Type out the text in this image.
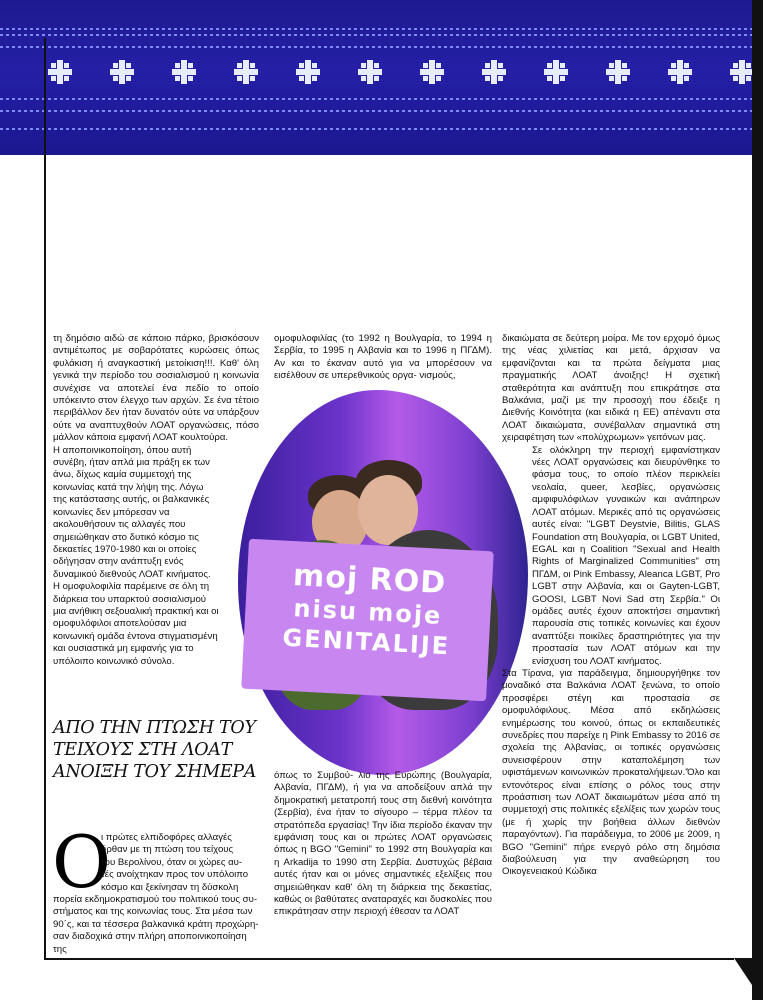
τη δημόσιο αιδώ σε κάποιο πάρκο, βρισκόσουν αντιμέτωπος με σοβαρότατες κυρώσεις όπως φυλάκιση ή αναγκαστική μετοίκιση!!!. Καθ' όλη γενικά την περίοδο του σοσιαλισμού η κοινωνία συνέχισε να αποτελεί ένα πεδίο το οποίο υπόκειντο στον έλεγχο των αρχών. Σε ένα τέτοιο περιβάλλον δεν ήταν δυνατόν ούτε να υπάρξουν ούτε να αναπτυχθούν ΛΟΑΤ οργανώσεις, πόσο μάλλον κάποια εμφανή ΛΟΑΤ κουλτούρα.

Η αποποινικοποίηση, όπου αυτή συνέβη, ήταν απλά μια πράξη εκ των άνω, δίχως καμία συμμετοχή της κοινωνίας κατά την λήψη της. Λόγω της κατάστασης αυτής, οι βαλκανικές κοινωνίες δεν μπόρεσαν να ακολουθήσουν τις αλλαγές που σημειώθηκαν στο δυτικό κόσμο τις δεκαετίες 1970-1980 και οι οποίες οδήγησαν στην ανάπτυξη ενός δυναμικού διεθνούς ΛΟΑΤ κινήματος. Η ομοφυλοφιλία παρέμεινε σε όλη τη διάρκεια του υπαρκτού σοσιαλισμού μια ανήθικη σεξουαλική πρακτική και οι ομοφυλόφιλοι αποτελούσαν μια κοινωνική ομάδα έντονα στιγματισμένη και ουσιαστικά μη εμφανής για το υπόλοιπο κοινωνικό σύνολο.

ΑΠΟ ΤΗΝ ΠΤΩΣΗ ΤΟΥ ΤΕΙΧΟΥΣ ΣΤΗ ΛΟΑΤ ΑΝΟΙΞΗ ΤΟΥ ΣΗΜΕΡΑ
Ο
ι πρώτες ελπιδοφόρες αλλαγές
ήρθαν με τη πτώση του τείχους
του Βερολίνου, όταν οι χώρες αυ-
τές ανοίχτηκαν προς τον υπόλοιπο
κόσμο και ξεκίνησαν τη δύσκολη
πορεία εκδημοκρατισμού του πολιτικού τους συ-
στήματος και της κοινωνίας τους. Στα μέσα των
90΄ς, και τα τέσσερα βαλκανικά κράτη προχώρη-
σαν διαδοχικά στην πλήρη αποποινικοποίηση της

ομοφυλοφιλίας (το 1992 η Βουλγαρία, το 1994 η Σερβία, το 1995 η Αλβανία και το 1996 η ΠΓΔΜ). Αν και το έκαναν αυτό για να μπορέσουν να εισέλθουν σε υπερεθνικούς οργα- νισμούς,

moj ROD
nisu moje
GENITALIJE

όπως το Συμβού- λιο της Ευρώπης (Βουλγαρία, Αλβανία, ΠΓΔΜ), ή για να αποδείξουν απλά την δημοκρατική μετατροπή τους στη διεθνή κοινότητα (Σερβία), ένα ήταν το σίγουρο – τέρμα πλέον τα στρατόπεδα εργασίας! Την ίδια περίοδο έκαναν την εμφάνιση τους και οι πρώτες ΛΟΑΤ οργανώσεις όπως η BGO "Gemini" το 1992 στη Βουλγαρία και η Arkadija το 1990 στη Σερβία. Δυστυχώς βέβαια αυτές ήταν και οι μόνες σημαντικές εξελίξεις που σημειώθηκαν καθ' όλη τη διάρκεια της δεκαετίας, καθώς οι βαθύτατες αναταραχές και δυσκολίες που επικράτησαν στην περιοχή έθεσαν τα ΛΟΑΤ

δικαιώματα σε δεύτερη μοίρα. Με τον ερχομό όμως της νέας χιλιετίας και μετά, άρχισαν να εμφανίζονται και τα πρώτα δείγματα μιας πραγματικής ΛΟΑΤ άνοιξης! Η σχετική σταθερότητα και ανάπτυξη που επικράτησε στα Βαλκάνια, μαζί με την προσοχή που έδειξε η Διεθνής Κοινότητα (και ειδικά η ΕΕ) απέναντι στα ΛΟΑΤ δικαιώματα, συνέβαλλαν σημαντικά στη χειραφέτηση των «πολύχρωμων» γειτόνων μας.

Σε ολόκληρη την περιοχή εμφανίστηκαν νέες ΛΟΑΤ οργανώσεις και διευρύνθηκε το φάσμα τους, το οποίο πλέον περικλείει νεολαία, queer, λεσβίες, οργανώσεις αμφιφυλόφιλων γυναικών και ανάπηρων ΛΟΑΤ ατόμων. Μερικές από τις οργανώσεις αυτές είναι: "LGBT Deystvie, Bilitis, GLAS Foundation στη Βουλγαρία, οι LGBT United, EGAL και η Coalition "Sexual and Health Rights of Marginalized Communities" στη ΠΓΔΜ, οι Pink Embassy, Aleanca LGBT, Pro LGBT στην Αλβανία, και οι Gayten-LGBT, GOOSI, LGBT Novi Sad στη Σερβία." Οι ομάδες αυτές έχουν αποκτήσει σημαντική παρουσία στις τοπικές κοινωνίες και έχουν αναπτύξει ποικίλες δραστηριότητες για την προστασία των ΛΟΑΤ ατόμων και την ενίσχυση του ΛΟΑΤ κινήματος.

Στα Τίρανα, για παράδειγμα, δημιουργήθηκε τον μοναδικό στα Βαλκάνια ΛΟΑΤ ξενώνα, το οποίο προσφέρει στέγη και προστασία σε ομοφυλόφιλους. Μέσα από εκδηλώσεις ενημέρωσης του κοινού, όπως οι εκπαιδευτικές συνεδρίες που παρείχε η Pink Embassy το 2016 σε σχολεία της Αλβανίας, οι τοπικές οργανώσεις συνεισφέρουν στην καταπολέμηση των υφιστάμενων κοινωνικών προκαταλήψεων.'Όλο και εντονότερος είναι επίσης ο ρόλος τους στην προάσπιση των ΛΟΑΤ δικαιωμάτων μέσα από τη συμμετοχή στις πολιτικές εξελίξεις των χωρών τους (με ή χωρίς την βοήθεια άλλων διεθνών παραγόντων). Για παράδειγμα, το 2006 με 2009, η BGO "Gemini" πήρε ενεργό ρόλο στη δημόσια διαβούλευση για την αναθεώρηση του Οικογενειακού Κώδικα
